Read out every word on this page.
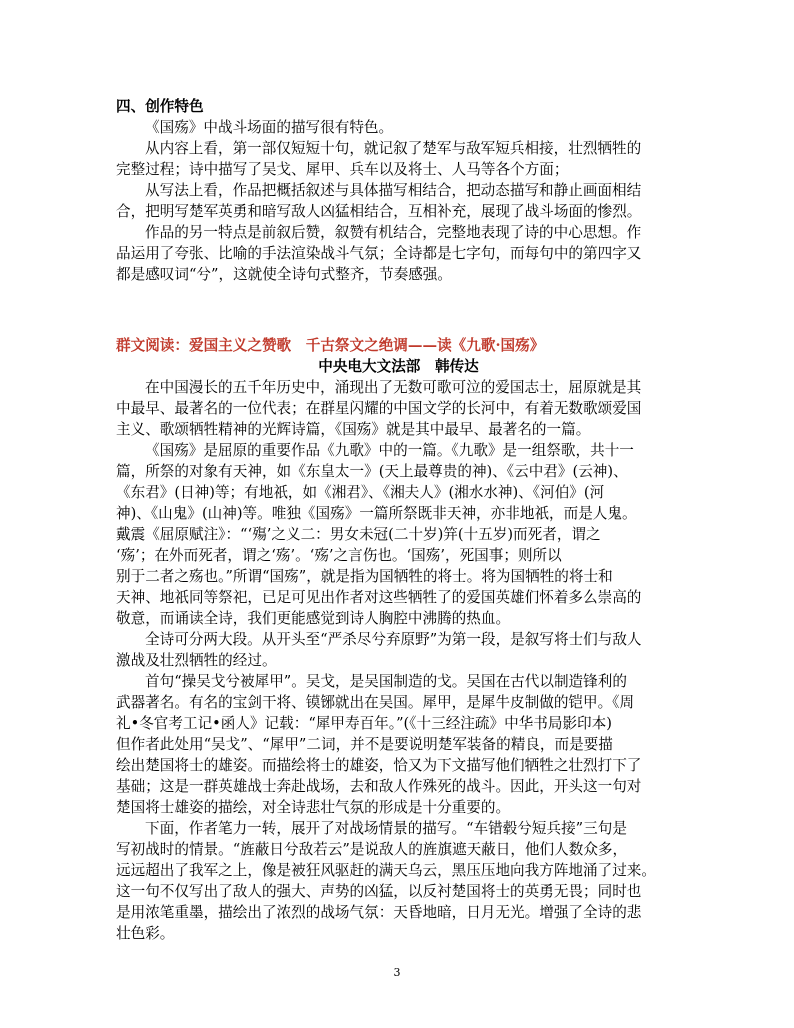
四、创作特色
《国殇》中战斗场面的描写很有特色。
从内容上看，第一部仅短短十句，就记叙了楚军与敌军短兵相接，壮烈牺牲的
完整过程；诗中描写了吴戈、犀甲、兵车以及将士、人马等各个方面；
从写法上看，作品把概括叙述与具体描写相结合，把动态描写和静止画面相结
合，把明写楚军英勇和暗写敌人凶猛相结合，互相补充，展现了战斗场面的惨烈。
作品的另一特点是前叙后赞，叙赞有机结合，完整地表现了诗的中心思想。作
品运用了夸张、比喻的手法渲染战斗气氛；全诗都是七字句，而每句中的第四字又
都是感叹词“兮”，这就使全诗句式整齐，节奏感强。
群文阅读：爱国主义之赞歌　千古祭文之绝调——读《九歌·国殇》
中央电大文法部　韩传达
在中国漫长的五千年历史中，涌现出了无数可歌可泣的爱国志士，屈原就是其
中最早、最著名的一位代表；在群星闪耀的中国文学的长河中，有着无数歌颂爱国
主义、歌颂牺牲精神的光辉诗篇，《国殇》就是其中最早、最著名的一篇。
《国殇》是屈原的重要作品《九歌》中的一篇。《九歌》是一组祭歌，共十一
篇，所祭的对象有天神，如《东皇太一》(天上最尊贵的神)、《云中君》(云神)、
《东君》(日神)等；有地祇，如《湘君》、《湘夫人》(湘水水神)、《河伯》(河
神)、《山鬼》(山神)等。唯独《国殇》一篇所祭既非天神，亦非地祇，而是人鬼。
戴震《屈原赋注》：“‘殤’之义二：男女未冠(二十岁)笄(十五岁)而死者，谓之
‘殇’；在外而死者，谓之‘殇’。‘殇’之言伤也。‘国殇’，死国事；则所以
别于二者之殇也。”所谓“国殇”，就是指为国牺牲的将士。将为国牺牲的将士和
天神、地祇同等祭祀，已足可见出作者对这些牺牲了的爱国英雄们怀着多么崇高的
敬意，而诵读全诗，我们更能感觉到诗人胸腔中沸腾的热血。
全诗可分两大段。从开头至“严杀尽兮弃原野”为第一段，是叙写将士们与敌人
激战及壮烈牺牲的经过。
首句“操吴戈兮被犀甲”。吴戈，是吴国制造的戈。吴国在古代以制造锋利的
武器著名。有名的宝剑干将、镆铘就出在吴国。犀甲，是犀牛皮制做的铠甲。《周
礼•冬官考工记•函人》记载：“犀甲寿百年。”(《十三经注疏》中华书局影印本)
但作者此处用“吴戈”、“犀甲”二词，并不是要说明楚军装备的精良，而是要描
绘出楚国将士的雄姿。而描绘将士的雄姿，恰又为下文描写他们牺牲之壮烈打下了
基础；这是一群英雄战士奔赴战场，去和敌人作殊死的战斗。因此，开头这一句对
楚国将士雄姿的描绘，对全诗悲壮气氛的形成是十分重要的。
下面，作者笔力一转，展开了对战场情景的描写。“车错毂兮短兵接”三句是
写初战时的情景。“旌蔽日兮敌若云”是说敌人的旌旗遮天蔽日，他们人数众多，
远远超出了我军之上，像是被狂风驱赶的满天乌云，黑压压地向我方阵地涌了过来。
这一句不仅写出了敌人的强大、声势的凶猛，以反衬楚国将士的英勇无畏；同时也
是用浓笔重墨，描绘出了浓烈的战场气氛：天昏地暗，日月无光。增强了全诗的悲
壮色彩。
3
